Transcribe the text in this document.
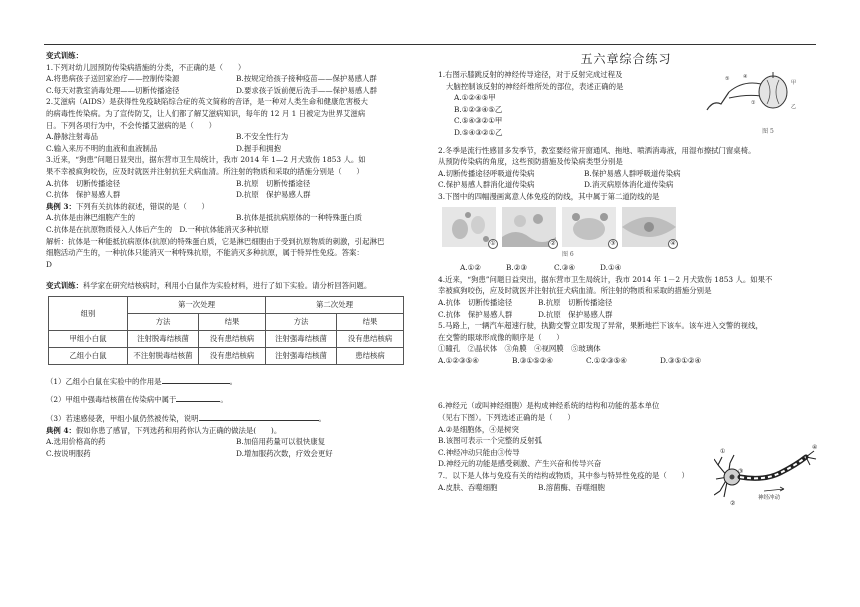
变式训练：

1.下列对幼儿园预防传染病措施的分类，不正确的是（　　）

A.将患病孩子送回家治疗——控制传染源	B.按规定给孩子接种疫苗——保护易感人群
C.每天对教室消毒处理——切断传播途径	D.要求孩子饭前便后洗手——保护易感人群

2.艾滋病（AIDS）是获得性免疫缺陷综合症的英文简称的音译，是一种对人类生命和健康危害极大

的病毒性传染病。为了宣传防艾，让人们都了解艾滋病知识，每年的 12 月 1 日被定为世界艾滋病

日。下列各项行为中，不会传播艾滋病的是（　　）

A.静脉注射毒品	B.不安全性行为
C.输入来历不明的血液和血液制品	D.握手和拥抱

3.近来，“狗患”问题日显突出，据东营市卫生局统计，我市 2014 年 1—2 月犬致伤 1853 人。如

果不幸被疯狗咬伤，应及时就医并注射抗狂犬病血清。所注射的物质和采取的措施分别是（　　）

A.抗体　切断传播途径	B.抗原　切断传播途径
C.抗体　保护易感人群	D.抗原　保护易感人群

典例 3：下列有关抗体的叙述，错误的是（　　）

A.抗体是由淋巴细胞产生的	B.抗体是抵抗病原体的一种特殊蛋白质

C.抗体是在抗原物质侵入人体后产生的　D.一种抗体能消灭多种抗原

解析：抗体是一种能抵抗病原体(抗原)的特殊蛋白质，它是淋巴细胞由于受到抗原物质的刺激，引起淋巴

细胞活动产生的，一种抗体只能消灭一种特殊抗原，不能消灭多种抗原，属于特异性免疫。答案：

D

变式训练：科学家在研究结核病时，利用小白鼠作为实验材料，进行了如下实验。请分析回答问题。

组别	第一次处理		第二次处理	
	方法	结果	方法	结果
甲组小白鼠	注射脱毒结核菌	没有患结核病	注射强毒结核菌	没有患结核病
乙组小白鼠	不注射脱毒结核菌	没有患结核病	注射强毒结核菌	患结核病

（1）乙组小白鼠在实验中的作用是	。

（2）甲组中强毒结核菌在传染病中属于	。

（3）若速感侵袭，甲组小鼠仍然被传染，说明	。

典例 4：假如你患了感冒，下列选药和用药你认为正确的做法是(　　)。

A.选用价格高的药	B.加倍用药量可以很快康复
C.按说明服药	D.增加服药次数，疗效会更好
五六章综合练习

1.右图示膝跳反射的神经传导途径，对于反射完成过程及

大脑控制该反射的神经纤维所处的部位，表述正确的是

A.①②④⑤甲

B.①②③④⑤乙

C.⑤④③②①甲

D.⑤④③②①乙

2.冬季是流行性感冒多发季节，教室要经常开窗通风、拖地、喷洒消毒液，用湿布擦拭门窗桌椅。

从预防传染病的角度，这些预防措施及传染病类型分别是

A.切断传播途径呼吸道传染病	B.保护易感人群呼吸道传染病
C.保护易感人群消化道传染病	D.消灭病原体消化道传染病

3.下图中的四幅漫画寓意人体免疫的防线，其中属于第二道防线的是

①	②	③	④

图 6

A.①②	B.②③	C.③④	D.①④

4.近来，“狗患”问题日益突出，据东营市卫生局统计，我市 2014 年 1－2 月犬致伤 1853 人。如果不

幸被疯狗咬伤，应及时就医并注射抗狂犬病血清。所注射的物质和采取的措施分别是

A.抗体　切断传播途径	B.抗原　切断传播途径
C.抗体　保护易感人群	D.抗原　保护易感人群

5.马路上，一辆汽车超速行驶，执勤交警立即发现了异常，果断地拦下该车。该车进入交警的视线，

在交警的眼球形成像的顺序是（　　）

①瞳孔　②晶状体　③角膜　④视网膜　⑤玻璃体

A.①②③⑤④	B.③①⑤②④	C.①②③⑤④	D.③⑤①②④

6.神经元（或叫神经细胞）是构成神经系统的结构和功能的基本单位

（见右下图）。下列选述正确的是（　　）

A.②是细胞体，④是树突

B.该图可表示一个完整的反射弧

C.神经冲动只能由③传导

D.神经元的功能是感受刺激、产生兴奋和传导兴奋

7.．以下是人体与免疫有关的结构或物质，其中参与特异性免疫的是（　　）

A.皮肤、吞噬细胞	B.溶菌酶、吞噬细胞
⑤	④
①
甲
乙
图 5
①
③
④
②
神经冲动
